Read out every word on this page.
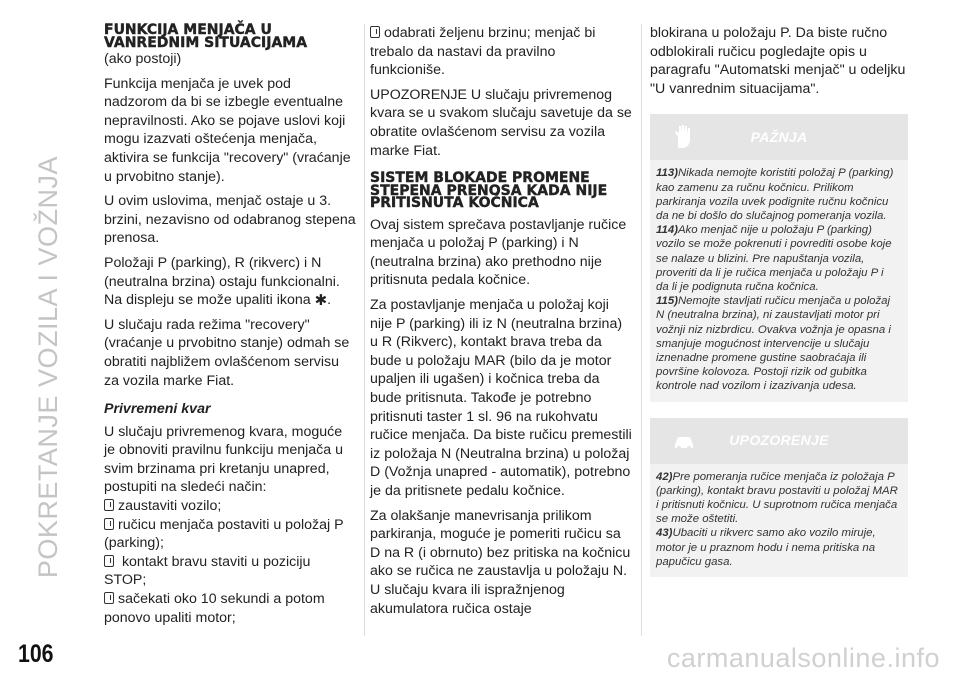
POKRETANJE VOZILA I VOŽNJA
106	carmanualsonline.info
FUNKCIJA MENJAČA U VANREDNIM SITUACIJAMA
(ako postoji)

Funkcija menjača je uvek pod nadzorom da bi se izbegle eventualne nepravilnosti. Ako se pojave uslovi koji mogu izazvati oštećenja menjača, aktivira se funkcija "recovery" (vraćanje u prvobitno stanje).

U ovim uslovima, menjač ostaje u 3. brzini, nezavisno od odabranog stepena prenosa.

Položaji P (parking), R (rikverc) i N (neutralna brzina) ostaju funkcionalni. Na displeju se može upaliti ikona ✱.

U slučaju rada režima "recovery" (vraćanje u prvobitno stanje) odmah se obratiti najbližem ovlašćenom servisu za vozila marke Fiat.

Privremeni kvar

U slučaju privremenog kvara, moguće je obnoviti pravilnu funkciju menjača u svim brzinama pri kretanju unapred, postupiti na sledeći način:

zaustaviti vozilo;
ručicu menjača postaviti u položaj P (parking);
kontakt bravu staviti u poziciju STOP;
sačekati oko 10 sekundi a potom ponovo upaliti motor;

odabrati željenu brzinu; menjač bi trebalo da nastavi da pravilno funkcioniše.

UPOZORENJE U slučaju privremenog kvara se u svakom slučaju savetuje da se obratite ovlašćenom servisu za vozila marke Fiat.

SISTEM BLOKADE PROMENE STEPENA PRENOSA KADA NIJE PRITISNUTA KOČNICA

Ovaj sistem sprečava postavljanje ručice menjača u položaj P (parking) i N (neutralna brzina) ako prethodno nije pritisnuta pedala kočnice.

Za postavljanje menjača u položaj koji nije P (parking) ili iz N (neutralna brzina) u R (Rikverc), kontakt brava treba da bude u položaju MAR (bilo da je motor upaljen ili ugašen) i kočnica treba da bude pritisnuta. Takođe je potrebno pritisnuti taster 1 sl. 96 na rukohvatu ručice menjača. Da biste ručicu premestili iz položaja N (Neutralna brzina) u položaj D (Vožnja unapred - automatik), potrebno je da pritisnete pedalu kočnice.

Za olakšanje manevrisanja prilikom parkiranja, moguće je pomeriti ručicu sa D na R (i obrnuto) bez pritiska na kočnicu ako se ručica ne zaustavlja u položaju N. U slučaju kvara ili ispražnjenog akumulatora ručica ostaje

blokirana u položaju P. Da biste ručno odblokirali ručicu pogledajte opis u paragrafu "Automatski menjač" u odeljku "U vanrednim situacijama".

PAŽNJA
113)Nikada nemojte koristiti položaj P (parking) kao zamenu za ručnu kočnicu. Prilikom parkiranja vozila uvek podignite ručnu kočnicu da ne bi došlo do slučajnog pomeranja vozila.
114)Ako menjač nije u položaju P (parking) vozilo se može pokrenuti i povrediti osobe koje se nalaze u blizini. Pre napuštanja vozila, proveriti da li je ručica menjača u položaju P i da li je podignuta ručna kočnica.
115)Nemojte stavljati ručicu menjača u položaj N (neutralna brzina), ni zaustavljati motor pri vožnji niz nizbrdicu. Ovakva vožnja je opasna i smanjuje mogućnost intervencije u slučaju iznenadne promene gustine saobraćaja ili površine kolovoza. Postoji rizik od gubitka kontrole nad vozilom i izazivanja udesa.
UPOZORENJE
42)Pre pomeranja ručice menjača iz položaja P (parking), kontakt bravu postaviti u položaj MAR i pritisnuti kočnicu. U suprotnom ručica menjača se može oštetiti.
43)Ubaciti u rikverc samo ako vozilo miruje, motor je u praznom hodu i nema pritiska na papučicu gasa.
